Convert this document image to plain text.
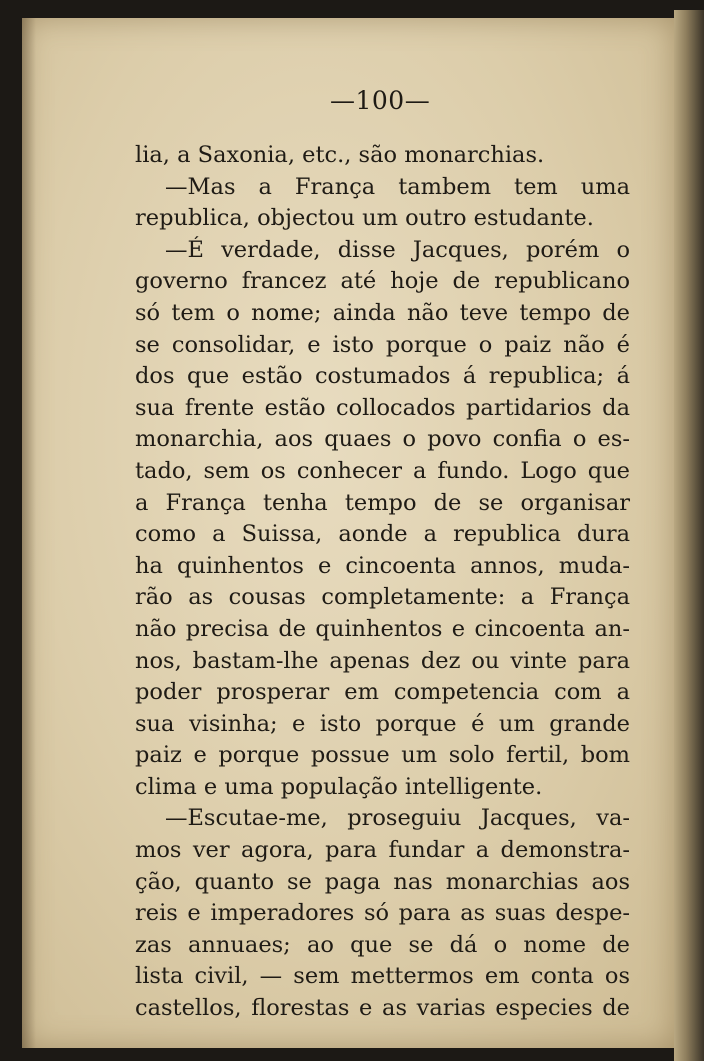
—100—
lia, a Saxonia, etc., são monarchias.
—Mas a França tambem tem uma
republica, objectou um outro estudante.
—É verdade, disse Jacques, porém o
governo francez até hoje de republicano
só tem o nome; ainda não teve tempo de
se consolidar, e isto porque o paiz não é
dos que estão costumados á republica; á
sua frente estão collocados partidarios da
monarchia, aos quaes o povo confia o es-
tado, sem os conhecer a fundo. Logo que
a França tenha tempo de se organisar
como a Suissa, aonde a republica dura
ha quinhentos e cincoenta annos, muda-
rão as cousas completamente: a França
não precisa de quinhentos e cincoenta an-
nos, bastam-lhe apenas dez ou vinte para
poder prosperar em competencia com a
sua visinha; e isto porque é um grande
paiz e porque possue um solo fertil, bom
clima e uma população intelligente.
—Escutae-me, proseguiu Jacques, va-
mos ver agora, para fundar a demonstra-
ção, quanto se paga nas monarchias aos
reis e imperadores só para as suas despe-
zas annuaes; ao que se dá o nome de
lista civil, — sem mettermos em conta os
castellos, florestas e as varias especies de
